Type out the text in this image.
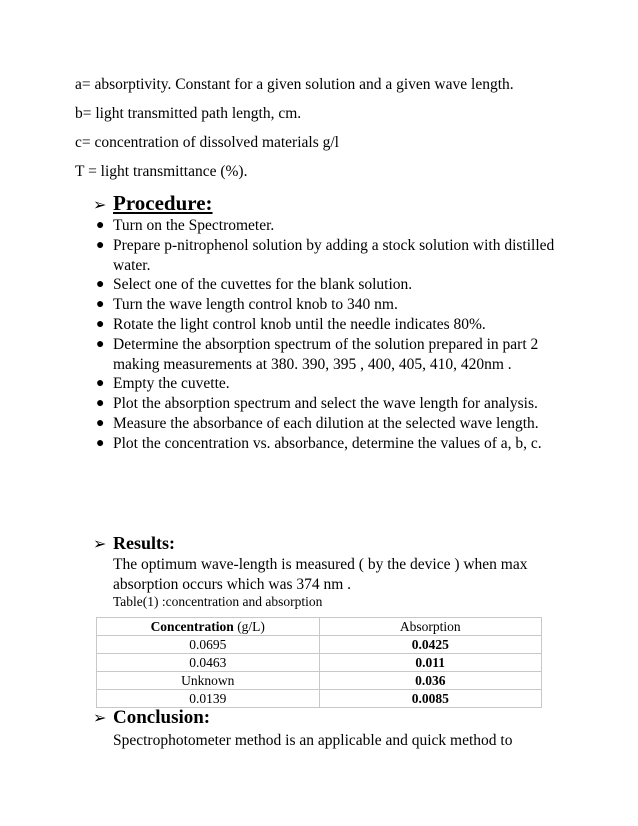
a= absorptivity. Constant for a given solution and a given wave length.
b= light transmitted path length, cm.
c= concentration of dissolved materials g/l
T = light transmittance (%).
➢ Procedure:
● Turn on the Spectrometer.
● Prepare p-nitrophenol solution by adding a stock solution with distilled water.
● Select one of the cuvettes for the blank solution.
● Turn the wave length control knob to 340 nm.
● Rotate the light control knob until the needle indicates 80%.
● Determine the absorption spectrum of the solution prepared in part 2 making measurements at 380. 390, 395 , 400, 405, 410, 420nm .
● Empty the cuvette.
● Plot the absorption spectrum and select the wave length for analysis.
● Measure the absorbance of each dilution at the selected wave length.
● Plot the concentration vs. absorbance, determine the values of a, b, c.
➢ Results:
The optimum wave-length is measured ( by the device ) when max absorption occurs which was 374 nm .
Table(1) :concentration and absorption
Concentration (g/L)	Absorption
0.0695	0.0425
0.0463	0.011
Unknown	0.036
0.0139	0.0085
➢ Conclusion:
Spectrophotometer method is an applicable and quick method to
